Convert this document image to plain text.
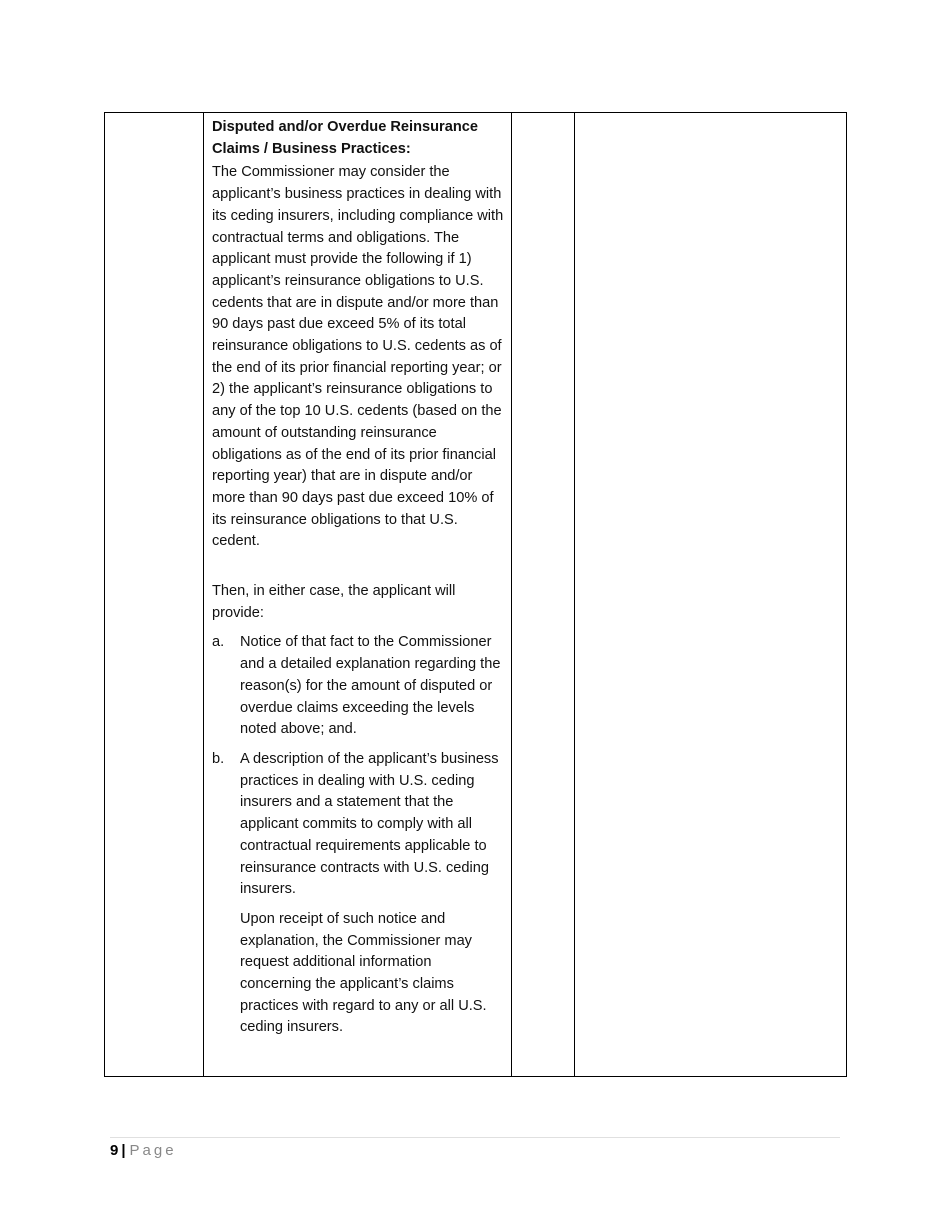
Disputed and/or Overdue Reinsurance Claims / Business Practices:

The Commissioner may consider the applicant’s business practices in dealing with its ceding insurers, including compliance with contractual terms and obligations. The applicant must provide the following if 1) applicant’s reinsurance obligations to U.S. cedents that are in dispute and/or more than 90 days past due exceed 5% of its total reinsurance obligations to U.S. cedents as of the end of its prior financial reporting year; or 2) the applicant’s reinsurance obligations to any of the top 10 U.S. cedents (based on the amount of outstanding reinsurance obligations as of the end of its prior financial reporting year) that are in dispute and/or more than 90 days past due exceed 10% of its reinsurance obligations to that U.S. cedent.

Then, in either case, the applicant will provide:

a.	Notice of that fact to the Commissioner and a detailed explanation regarding the reason(s) for the amount of disputed or overdue claims exceeding the levels noted above; and.
b.	A description of the applicant’s business practices in dealing with U.S. ceding insurers and a statement that the applicant commits to comply with all contractual requirements applicable to reinsurance contracts with U.S. ceding insurers.

Upon receipt of such notice and explanation, the Commissioner may request additional information concerning the applicant’s claims practices with regard to any or all U.S. ceding insurers.

9 | Page
